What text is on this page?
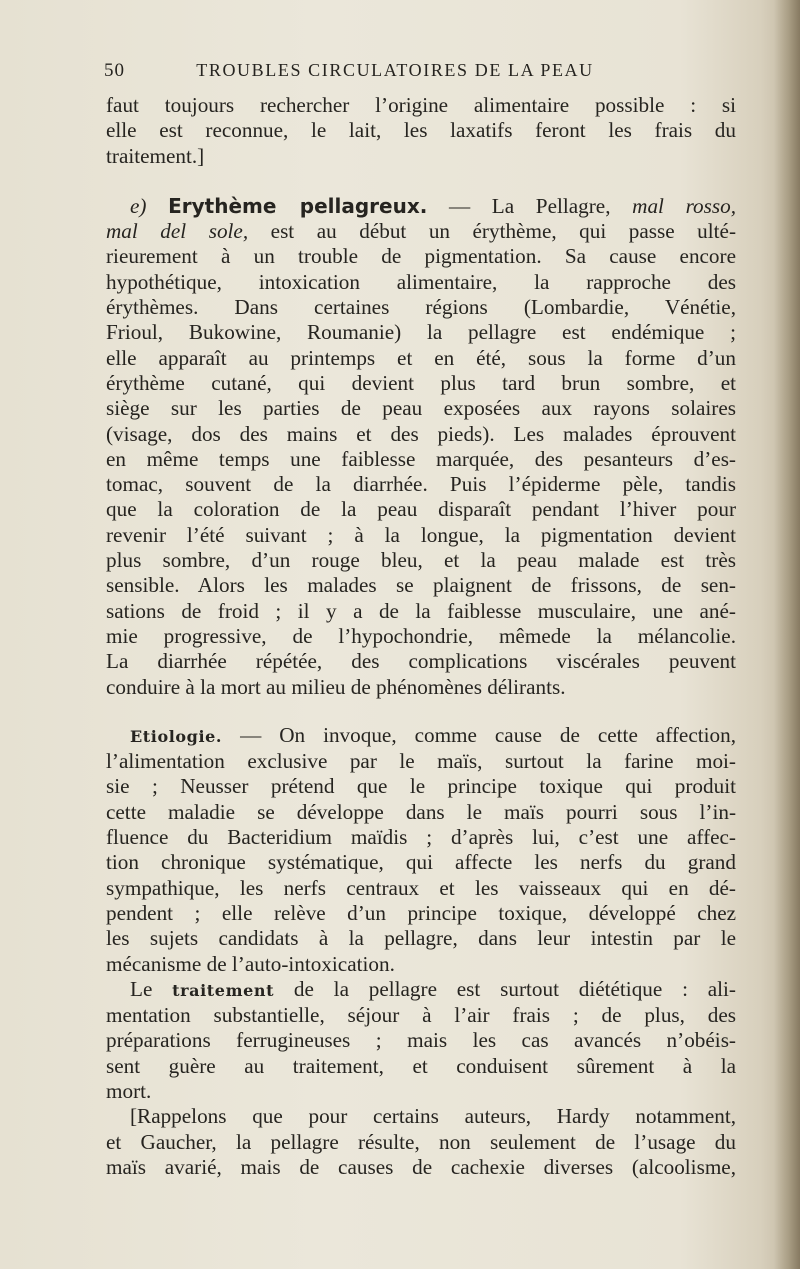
50	TROUBLES CIRCULATOIRES DE LA PEAU
faut toujours rechercher l’origine alimentaire possible : si
elle est reconnue, le lait, les laxatifs feront les frais du
traitement.]
e) Erythème pellagreux. — La Pellagre, mal rosso,
mal del sole, est au début un érythème, qui passe ulté-
rieurement à un trouble de pigmentation. Sa cause encore
hypothétique, intoxication alimentaire, la rapproche des
érythèmes. Dans certaines régions (Lombardie, Vénétie,
Frioul, Bukowine, Roumanie) la pellagre est endémique ;
elle apparaît au printemps et en été, sous la forme d’un
érythème cutané, qui devient plus tard brun sombre, et
siège sur les parties de peau exposées aux rayons solaires
(visage, dos des mains et des pieds). Les malades éprouvent
en même temps une faiblesse marquée, des pesanteurs d’es-
tomac, souvent de la diarrhée. Puis l’épiderme pèle, tandis
que la coloration de la peau disparaît pendant l’hiver pour
revenir l’été suivant ; à la longue, la pigmentation devient
plus sombre, d’un rouge bleu, et la peau malade est très
sensible. Alors les malades se plaignent de frissons, de sen-
sations de froid ; il y a de la faiblesse musculaire, une ané-
mie progressive, de l’hypochondrie, mêmede la mélancolie.
La diarrhée répétée, des complications viscérales peuvent
conduire à la mort au milieu de phénomènes délirants.
Etiologie. — On invoque, comme cause de cette affection,
l’alimentation exclusive par le maïs, surtout la farine moi-
sie ; Neusser prétend que le principe toxique qui produit
cette maladie se développe dans le maïs pourri sous l’in-
fluence du Bacteridium maïdis ; d’après lui, c’est une affec-
tion chronique systématique, qui affecte les nerfs du grand
sympathique, les nerfs centraux et les vaisseaux qui en dé-
pendent ; elle relève d’un principe toxique, développé chez
les sujets candidats à la pellagre, dans leur intestin par le
mécanisme de l’auto-intoxication.
Le traitement de la pellagre est surtout diététique : ali-
mentation substantielle, séjour à l’air frais ; de plus, des
préparations ferrugineuses ; mais les cas avancés n’obéis-
sent guère au traitement, et conduisent sûrement à la
mort.
[Rappelons que pour certains auteurs, Hardy notamment,
et Gaucher, la pellagre résulte, non seulement de l’usage du
maïs avarié, mais de causes de cachexie diverses (alcoolisme,
